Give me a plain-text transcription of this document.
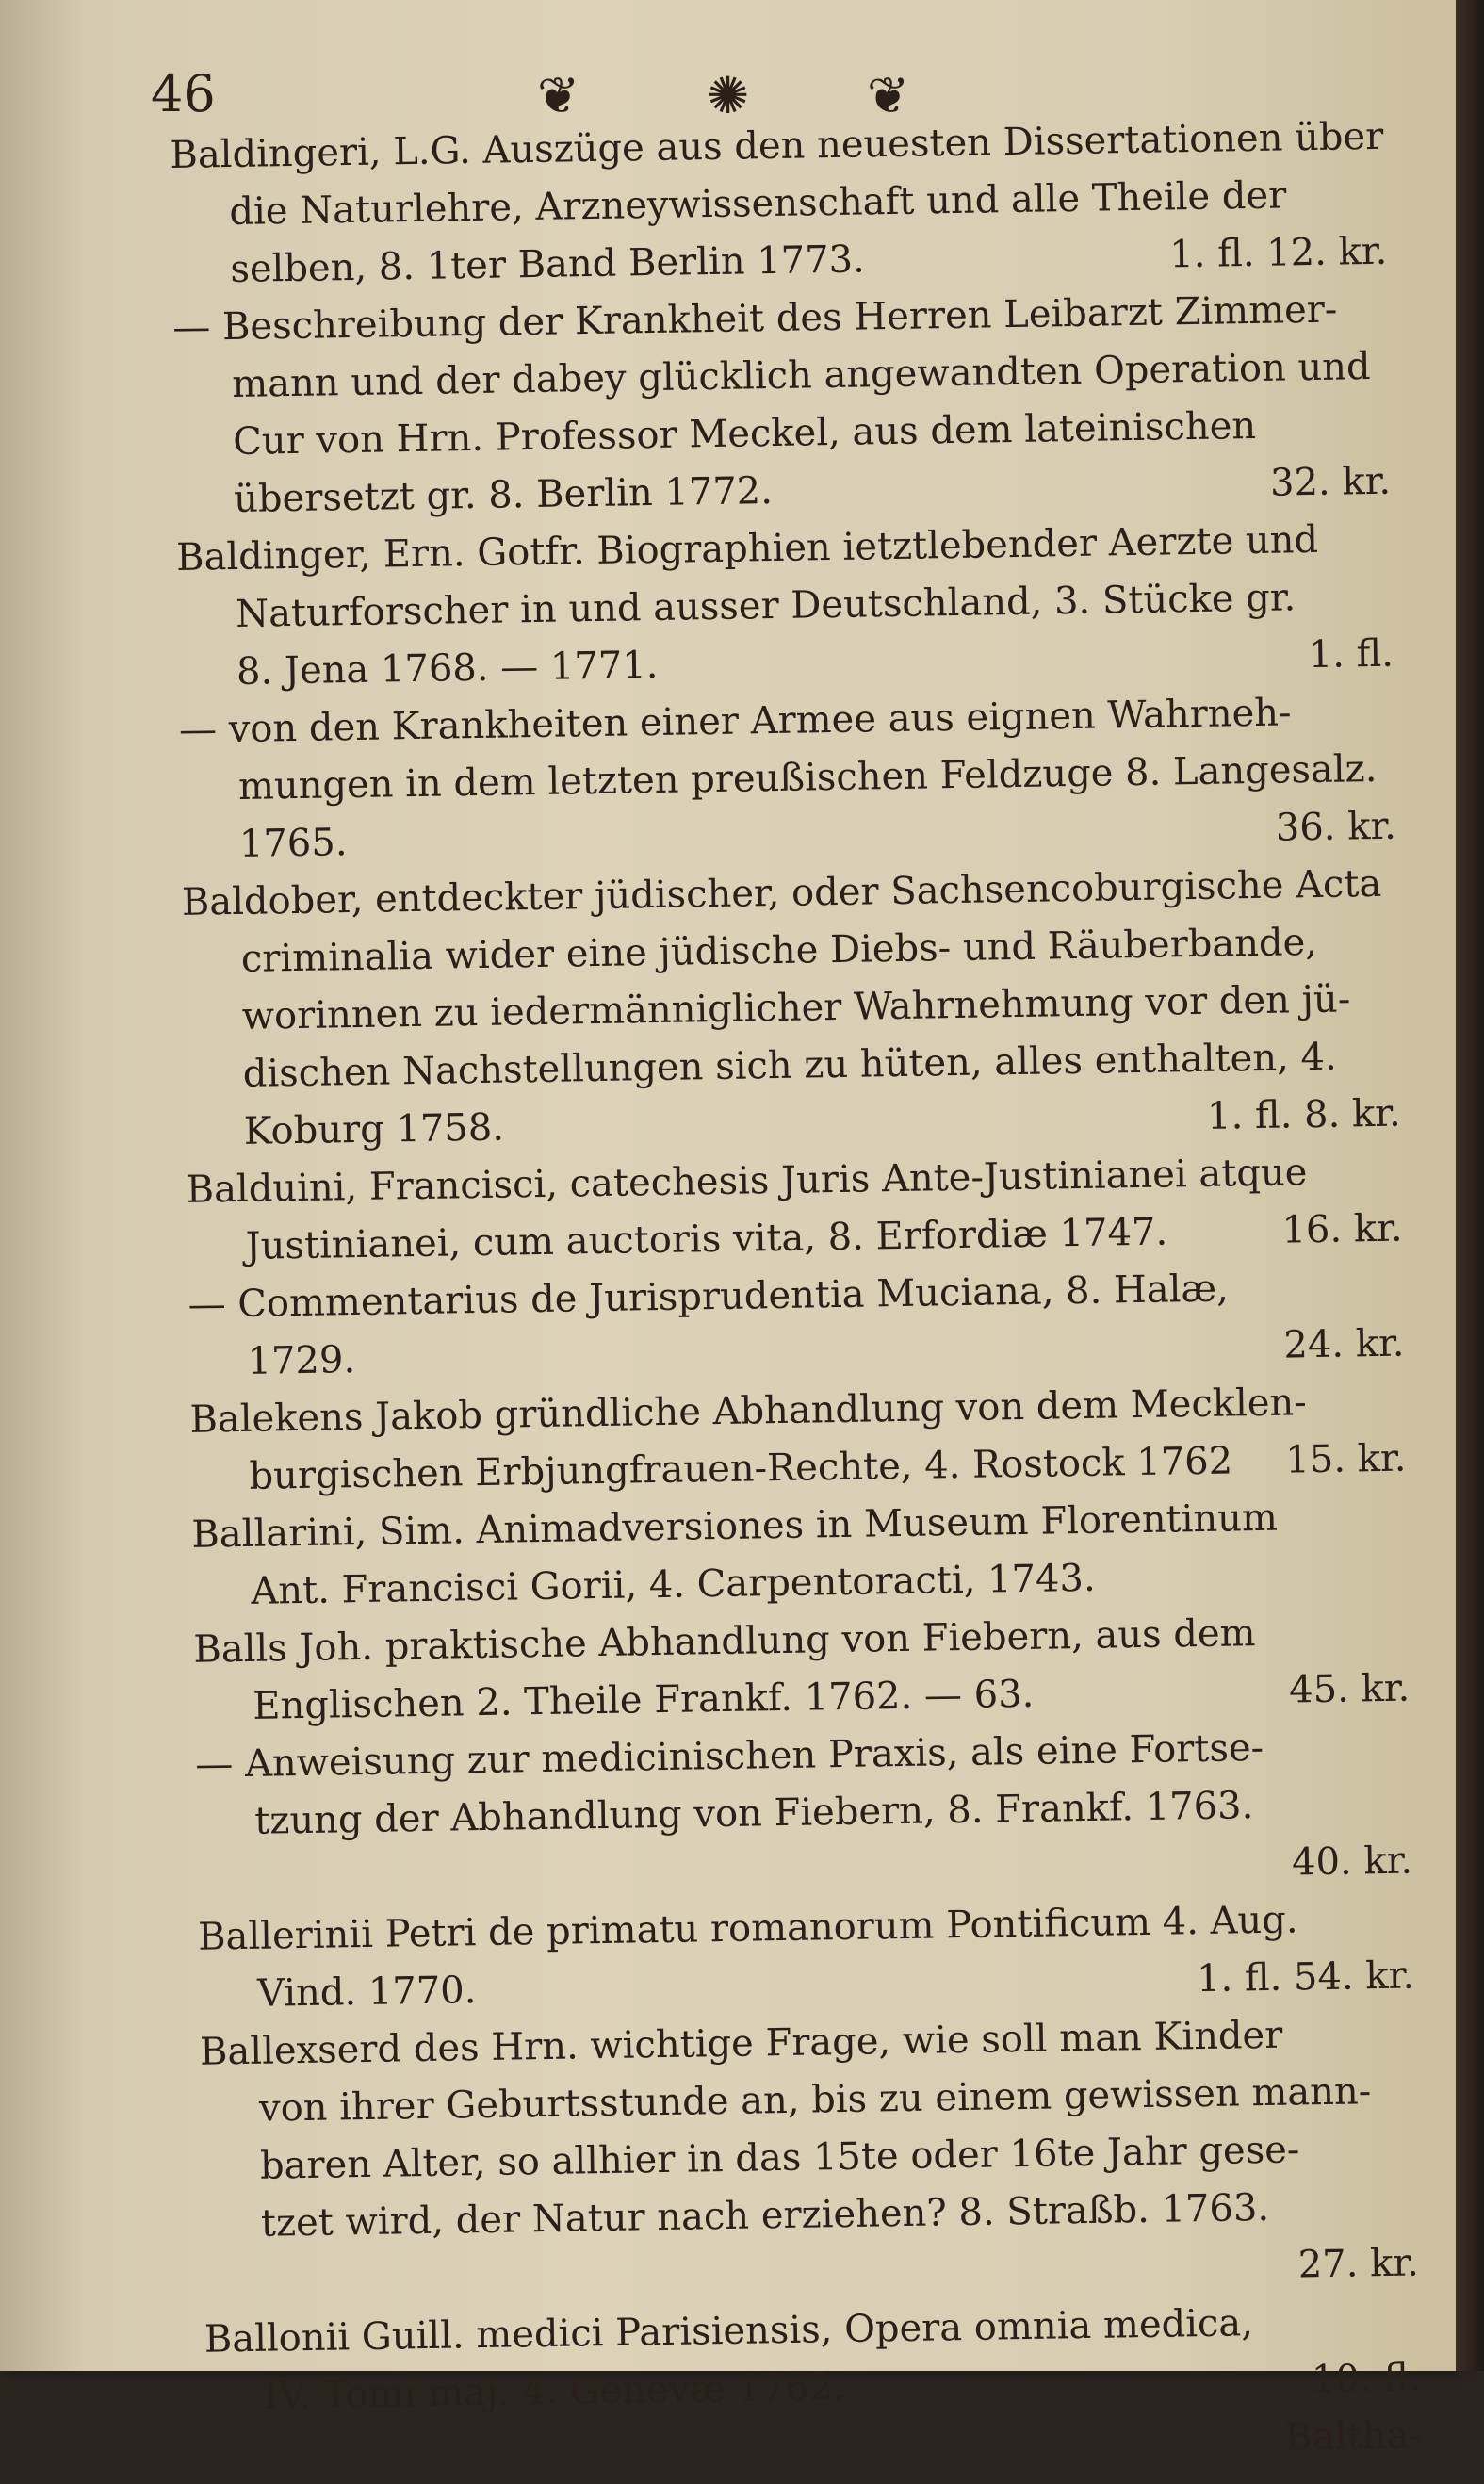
46	❦ ✺ ❦
Baldingeri, L.G. Auszüge aus den neuesten Dissertationen über
die Naturlehre, Arzneywissenschaft und alle Theile der
selben, 8. 1ter Band Berlin 1773.	1. fl. 12. kr.
— Beschreibung der Krankheit des Herren Leibarzt Zimmer-
mann und der dabey glücklich angewandten Operation und
Cur von Hrn. Professor Meckel, aus dem lateinischen
übersetzt gr. 8. Berlin 1772.	32. kr.
Baldinger, Ern. Gotfr. Biographien ietztlebender Aerzte und
Naturforscher in und ausser Deutschland, 3. Stücke gr.
8. Jena 1768. — 1771.	1. fl.
— von den Krankheiten einer Armee aus eignen Wahrneh-
mungen in dem letzten preußischen Feldzuge 8. Langesalz.
1765.	36. kr.
Baldober, entdeckter jüdischer, oder Sachsencoburgische Acta
criminalia wider eine jüdische Diebs- und Räuberbande,
worinnen zu iedermänniglicher Wahrnehmung vor den jü-
dischen Nachstellungen sich zu hüten, alles enthalten, 4.
Koburg 1758.	1. fl. 8. kr.
Balduini, Francisci, catechesis Juris Ante-Justinianei atque
Justinianei, cum auctoris vita, 8. Erfordiæ 1747.	16. kr.
— Commentarius de Jurisprudentia Muciana, 8. Halæ,
1729.	24. kr.
Balekens Jakob gründliche Abhandlung von dem Mecklen-
burgischen Erbjungfrauen-Rechte, 4. Rostock 1762	15. kr.
Ballarini, Sim. Animadversiones in Museum Florentinum
Ant. Francisci Gorii, 4. Carpentoracti, 1743.
Balls Joh. praktische Abhandlung von Fiebern, aus dem
Englischen 2. Theile Frankf. 1762. — 63.	45. kr.
— Anweisung zur medicinischen Praxis, als eine Fortse-
tzung der Abhandlung von Fiebern, 8. Frankf. 1763.
40. kr.
Ballerinii Petri de primatu romanorum Pontificum 4. Aug.
Vind. 1770.	1. fl. 54. kr.
Ballexserd des Hrn. wichtige Frage, wie soll man Kinder
von ihrer Geburtsstunde an, bis zu einem gewissen mann-
baren Alter, so allhier in das 15te oder 16te Jahr gese-
tzet wird, der Natur nach erziehen? 8. Straßb. 1763.
27. kr.
Ballonii Guill. medici Parisiensis, Opera omnia medica,
IV. Tomi maj. 4. Genevæ 1762.	10. fl.
Baltha-
